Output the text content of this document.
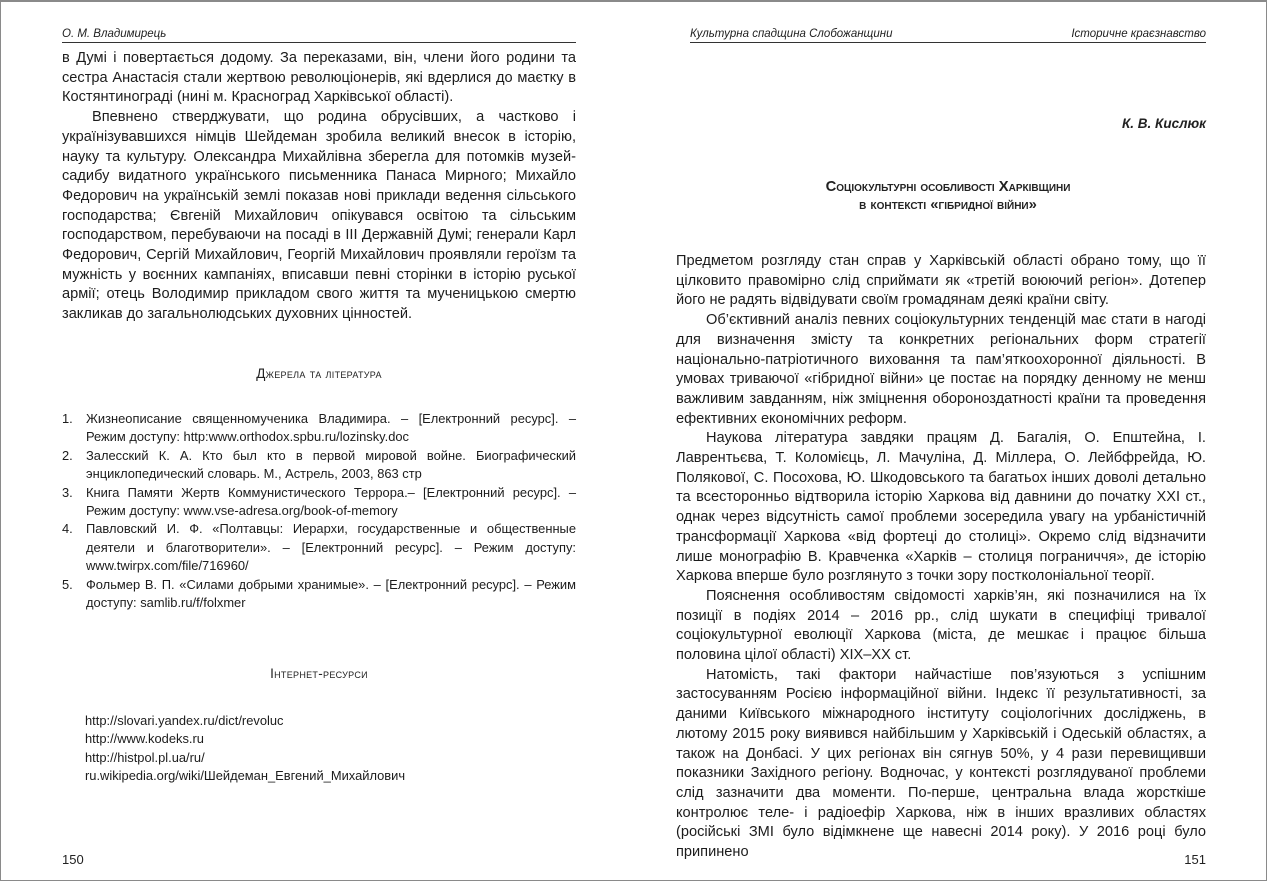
О. М. Владимирець

в Думі і повертається додому. За переказами, він, члени його родини та сестра Анастасія стали жертвою революціонерів, які вдерлися до маєтку в Костянтинограді (нині м. Красноград Харківської області).

Впевнено стверджувати, що родина обрусівших, а частково і українізувавшихся німців Шейдеман зробила великий внесок в історію, науку та культуру. Олександра Михайлівна зберегла для потомків музей-садибу видатного українського письменника Панаса Мирного; Михайло Федорович на українській землі показав нові приклади ведення сільського господарства; Євгеній Михайлович опікувався освітою та сільським господарством, перебуваючи на посаді в ІІІ Державній Думі; генерали Карл Федорович, Сергій Михайлович, Георгій Михайлович проявляли героїзм та мужність у воєнних кампаніях, вписавши певні сторінки в історію руської армії; отець Володимир прикладом свого життя та мученицькою смертю закликав до загальнолюдських духовних цінностей.

Джерела та література
1. Жизнеописание священномученика Владимира. – [Електронний ресурс]. – Режим доступу: http:www.orthodox.spbu.ru/lozinsky.doc
2. Залесский К. А. Кто был кто в первой мировой войне. Биографический энциклопедический словарь. М., Астрель, 2003, 863 стр
3. Книга Памяти Жертв Коммунистического Террора.– [Електронний ресурс]. – Режим доступу: www.vse-adresa.org/book-of-memory
4. Павловский И. Ф. «Полтавцы: Иерархи, государственные и общественные деятели и благотворители». – [Електронний ресурс]. – Режим доступу: www.twirpx.com/file/716960/
5. Фольмер В. П. «Силами добрыми хранимые». – [Електронний ресурс]. – Режим доступу: samlib.ru/f/folxmer
Інтернет-ресурси
http://slovari.yandex.ru/dict/revoluc
http://www.kodeks.ru
http://histpol.pl.ua/ru/
ru.wikipedia.org/wiki/Шейдеман_Евгений_Михайлович
150
Культурна спадщина Слобожанщини	Історичне краєзнавство
К. В. Кислюк
Соціокультурні особливості Харківщини
в контексті «гібридної війни»

Предметом розгляду стан справ у Харківській області обрано тому, що її цілковито правомірно слід сприймати як «третій воюючий регіон». Дотепер його не радять відвідувати своїм громадянам деякі країни світу.

Об’єктивний аналіз певних соціокультурних тенденцій має стати в нагоді для визначення змісту та конкретних регіональних форм стратегії національно-патріотичного виховання та пам’яткоохоронної діяльності. В умовах триваючої «гібридної війни» це постає на порядку денному не менш важливим завданням, ніж зміцнення обороноздатності країни та проведення ефективних економічних реформ.

Наукова література завдяки працям Д. Багалія, О. Епштейна, І. Лаврентьєва, Т. Коломієць, Л. Мачуліна, Д. Міллера, О. Лейбфрейда, Ю. Полякової, С. Посохова, Ю. Шкодовського та багатьох інших доволі детально та всесторонньо відтворила історію Харкова від давнини до початку XXI ст., однак через відсутність самої проблеми зосередила увагу на урбаністичній трансформації Харкова «від фортеці до столиці». Окремо слід відзначити лише монографію В. Кравченка «Харків – столиця пограниччя», де історію Харкова вперше було розглянуто з точки зору постколоніальної теорії.

Пояснення особливостям свідомості харків’ян, які позначилися на їх позиції в подіях 2014 – 2016 рр., слід шукати в специфіці тривалої соціокультурної еволюції Харкова (міста, де мешкає і працює більша половина цілої області) XIX–XX ст.

Натомість, такі фактори найчастіше пов’язуються з успішним застосуванням Росією інформаційної війни. Індекс її результативності, за даними Київського міжнародного інституту соціологічних досліджень, в лютому 2015 року виявився найбільшим у Харківській і Одеській областях, а також на Донбасі. У цих регіонах він сягнув 50%, у 4 рази перевищивши показники Західного регіону. Водночас, у контексті розглядуваної проблеми слід зазначити два моменти. По-перше, центральна влада жорсткіше контролює теле- і радіоефір Харкова, ніж в інших вразливих областях (російські ЗМІ було відімкнене ще навесні 2014 року). У 2016 році було припинено	151
